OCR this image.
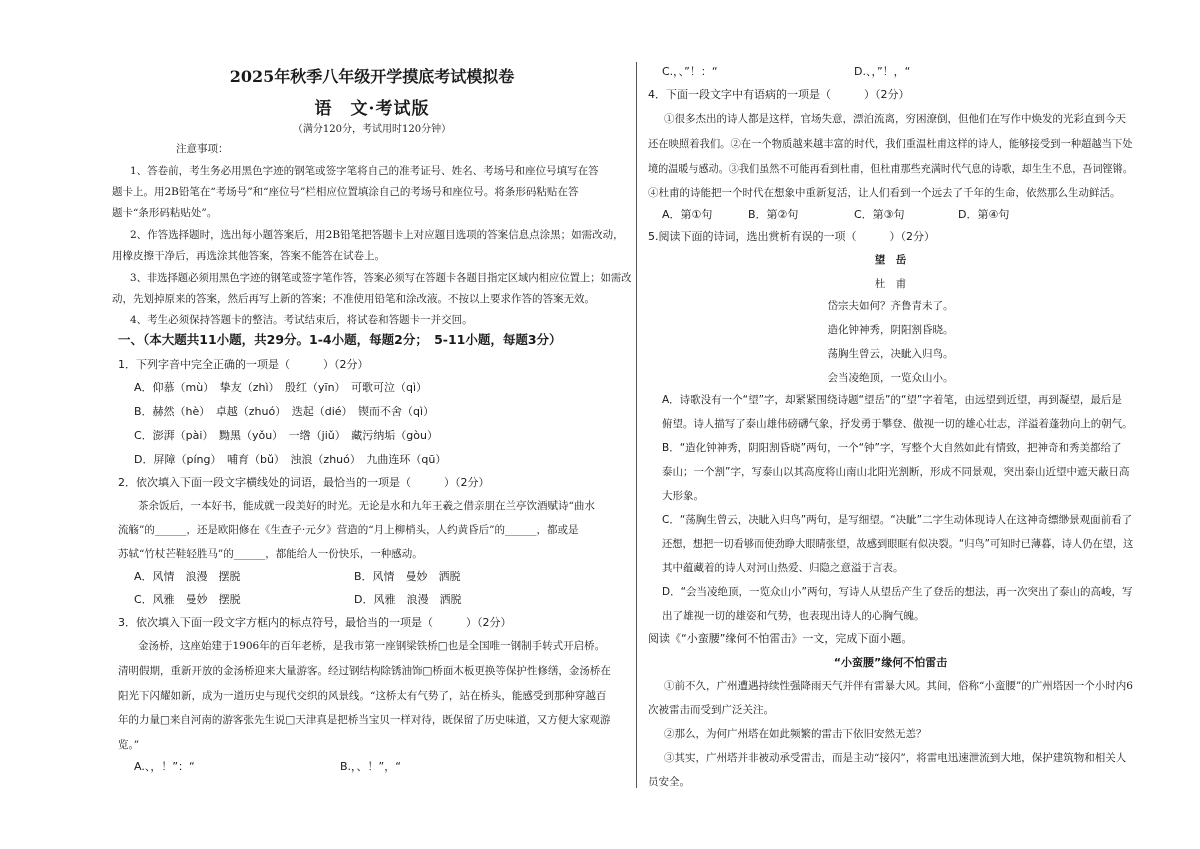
2025年秋季八年级开学摸底考试模拟卷
语　文·考试版
（满分120分，考试用时120分钟）
注意事项：
1、答卷前，考生务必用黑色字迹的钢笔或签字笔将自己的准考证号、姓名、考场号和座位号填写在答
题卡上。用2B铅笔在“考场号”和“座位号”栏相应位置填涂自己的考场号和座位号。将条形码粘贴在答
题卡“条形码粘贴处”。
2、作答选择题时，选出每小题答案后，用2B铅笔把答题卡上对应题目选项的答案信息点涂黑；如需改动，
用橡皮擦干净后，再选涂其他答案，答案不能答在试卷上。
3、非选择题必须用黑色字迹的钢笔或签字笔作答，答案必须写在答题卡各题目指定区域内相应位置上；如需改
动，先划掉原来的答案，然后再写上新的答案；不准使用铅笔和涂改液。不按以上要求作答的答案无效。
4、考生必须保持答题卡的整洁。考试结束后，将试卷和答题卡一并交回。
一、（本大题共11小题，共29分。1-4小题，每题2分；　5-11小题，每题3分）
1．下列字音中完全正确的一项是（　　　）（2分）
A．仰慕（mù）　挚友（zhì）　殷红（yīn）　可歌可泣（qì）
B．赫然（hè）　卓越（zhuó）　迭起（dié）　锲而不舍（qì）
C．澎湃（pài）　黝黑（yǒu）　一绺（jiǔ）　藏污纳垢（gòu）
D．屏障（píng）　哺育（bǔ）　浊浪（zhuó）　九曲连环（qū）
2．依次填入下面一段文字横线处的词语，最恰当的一项是（　　　）（2分）
茶余饭后，一本好书，能成就一段美好的时光。无论是水和九年王羲之借亲朋在兰亭饮酒赋诗“曲水
流觞”的______，还是欧阳修在《生查子·元夕》营造的“月上柳梢头，人约黄昏后”的______，都或是
苏轼“竹杖芒鞋轻胜马”的______，都能给人一份快乐，一种感动。
A．风情　浪漫　摆脱	B．风情　曼妙　洒脱
C．风雅　曼妙　摆脱	D．风雅　浪漫　洒脱
3．依次填入下面一段文字方框内的标点符号，最恰当的一项是（　　　）（2分）
金汤桥，这座始建于1906年的百年老桥，是我市第一座钢梁铁桥□也是全国唯一钢制手转式开启桥。
清明假期，重新开放的金汤桥迎来大量游客。经过钢结构除锈油饰□桥面木板更换等保护性修缮，金汤桥在
阳光下闪耀如新，成为一道历史与现代交织的风景线。“这桥太有气势了，站在桥头，能感受到那种穿越百
年的力量□来自河南的游客张先生说□天津真是把桥当宝贝一样对待，既保留了历史味道，又方便大家观游
览。”
A.、，！”：“	B.，、！”，“
C.，、”！：“	D.、，”！，“
4．下面一段文字中有语病的一项是（　　　）（2分）
①很多杰出的诗人都是这样，官场失意，漂泊流离，穷困潦倒，但他们在写作中焕发的光彩直到今天
还在映照着我们。②在一个物质越来越丰富的时代，我们重温杜甫这样的诗人，能够接受到一种超越当下处
境的温暖与感动。③我们虽然不可能再看到杜甫，但杜甫那些充满时代气息的诗歌，却生生不息，吾词铿锵。
④杜甫的诗能把一个时代在想象中重新复活，让人们看到一个远去了千年的生命，依然那么生动鲜活。
A．第①句	B．第②句	C．第③句	D．第④句
5.阅读下面的诗词，选出赏析有误的一项（　　　）（2分）
望　岳
杜　甫
岱宗夫如何？齐鲁青未了。
造化钟神秀，阴阳割昏晓。
荡胸生曾云，决眦入归鸟。
会当凌绝顶，一览众山小。
A．诗歌没有一个“望”字，却紧紧围绕诗题“望岳”的“望”字着笔，由远望到近望，再到凝望，最后是
俯望。诗人描写了泰山雄伟磅礴气象，抒发勇于攀登、傲视一切的雄心壮志，洋溢着蓬勃向上的朝气。
B．“造化钟神秀，阴阳割昏晓”两句，一个“钟”字，写整个大自然如此有情致，把神奇和秀美都给了
泰山；一个割”字，写泰山以其高度将山南山北阳光割断，形成不同景观，突出泰山近望中遮天蔽日高
大形象。
C．“荡胸生曾云，决眦入归鸟”两句，是写细望。“决眦”二字生动体现诗人在这神奇缥缈景观面前看了
还想，想把一切看够而使劲睁大眼睛张望，故感到眼眶有似决裂。“归鸟”可知时已薄暮，诗人仍在望，这
其中蕴藏着的诗人对河山热爱、归隐之意溢于言表。
D．“会当凌绝顶，一览众山小”两句，写诗人从望岳产生了登岳的想法，再一次突出了泰山的高峻，写
出了雄视一切的雄姿和气势，也表现出诗人的心胸气魄。
阅读《“小蛮腰”缘何不怕雷击》一文，完成下面小题。
“小蛮腰”缘何不怕雷击
①前不久，广州遭遇持续性强降雨天气并伴有雷暴大风。其间，俗称“小蛮腰”的广州塔因一个小时内6
次被雷击而受到广泛关注。
②那么，为何广州塔在如此频繁的雷击下依旧安然无恙？
③其实，广州塔并非被动承受雷击，而是主动“接闪”，将雷电迅速泄流到大地，保护建筑物和相关人
员安全。
